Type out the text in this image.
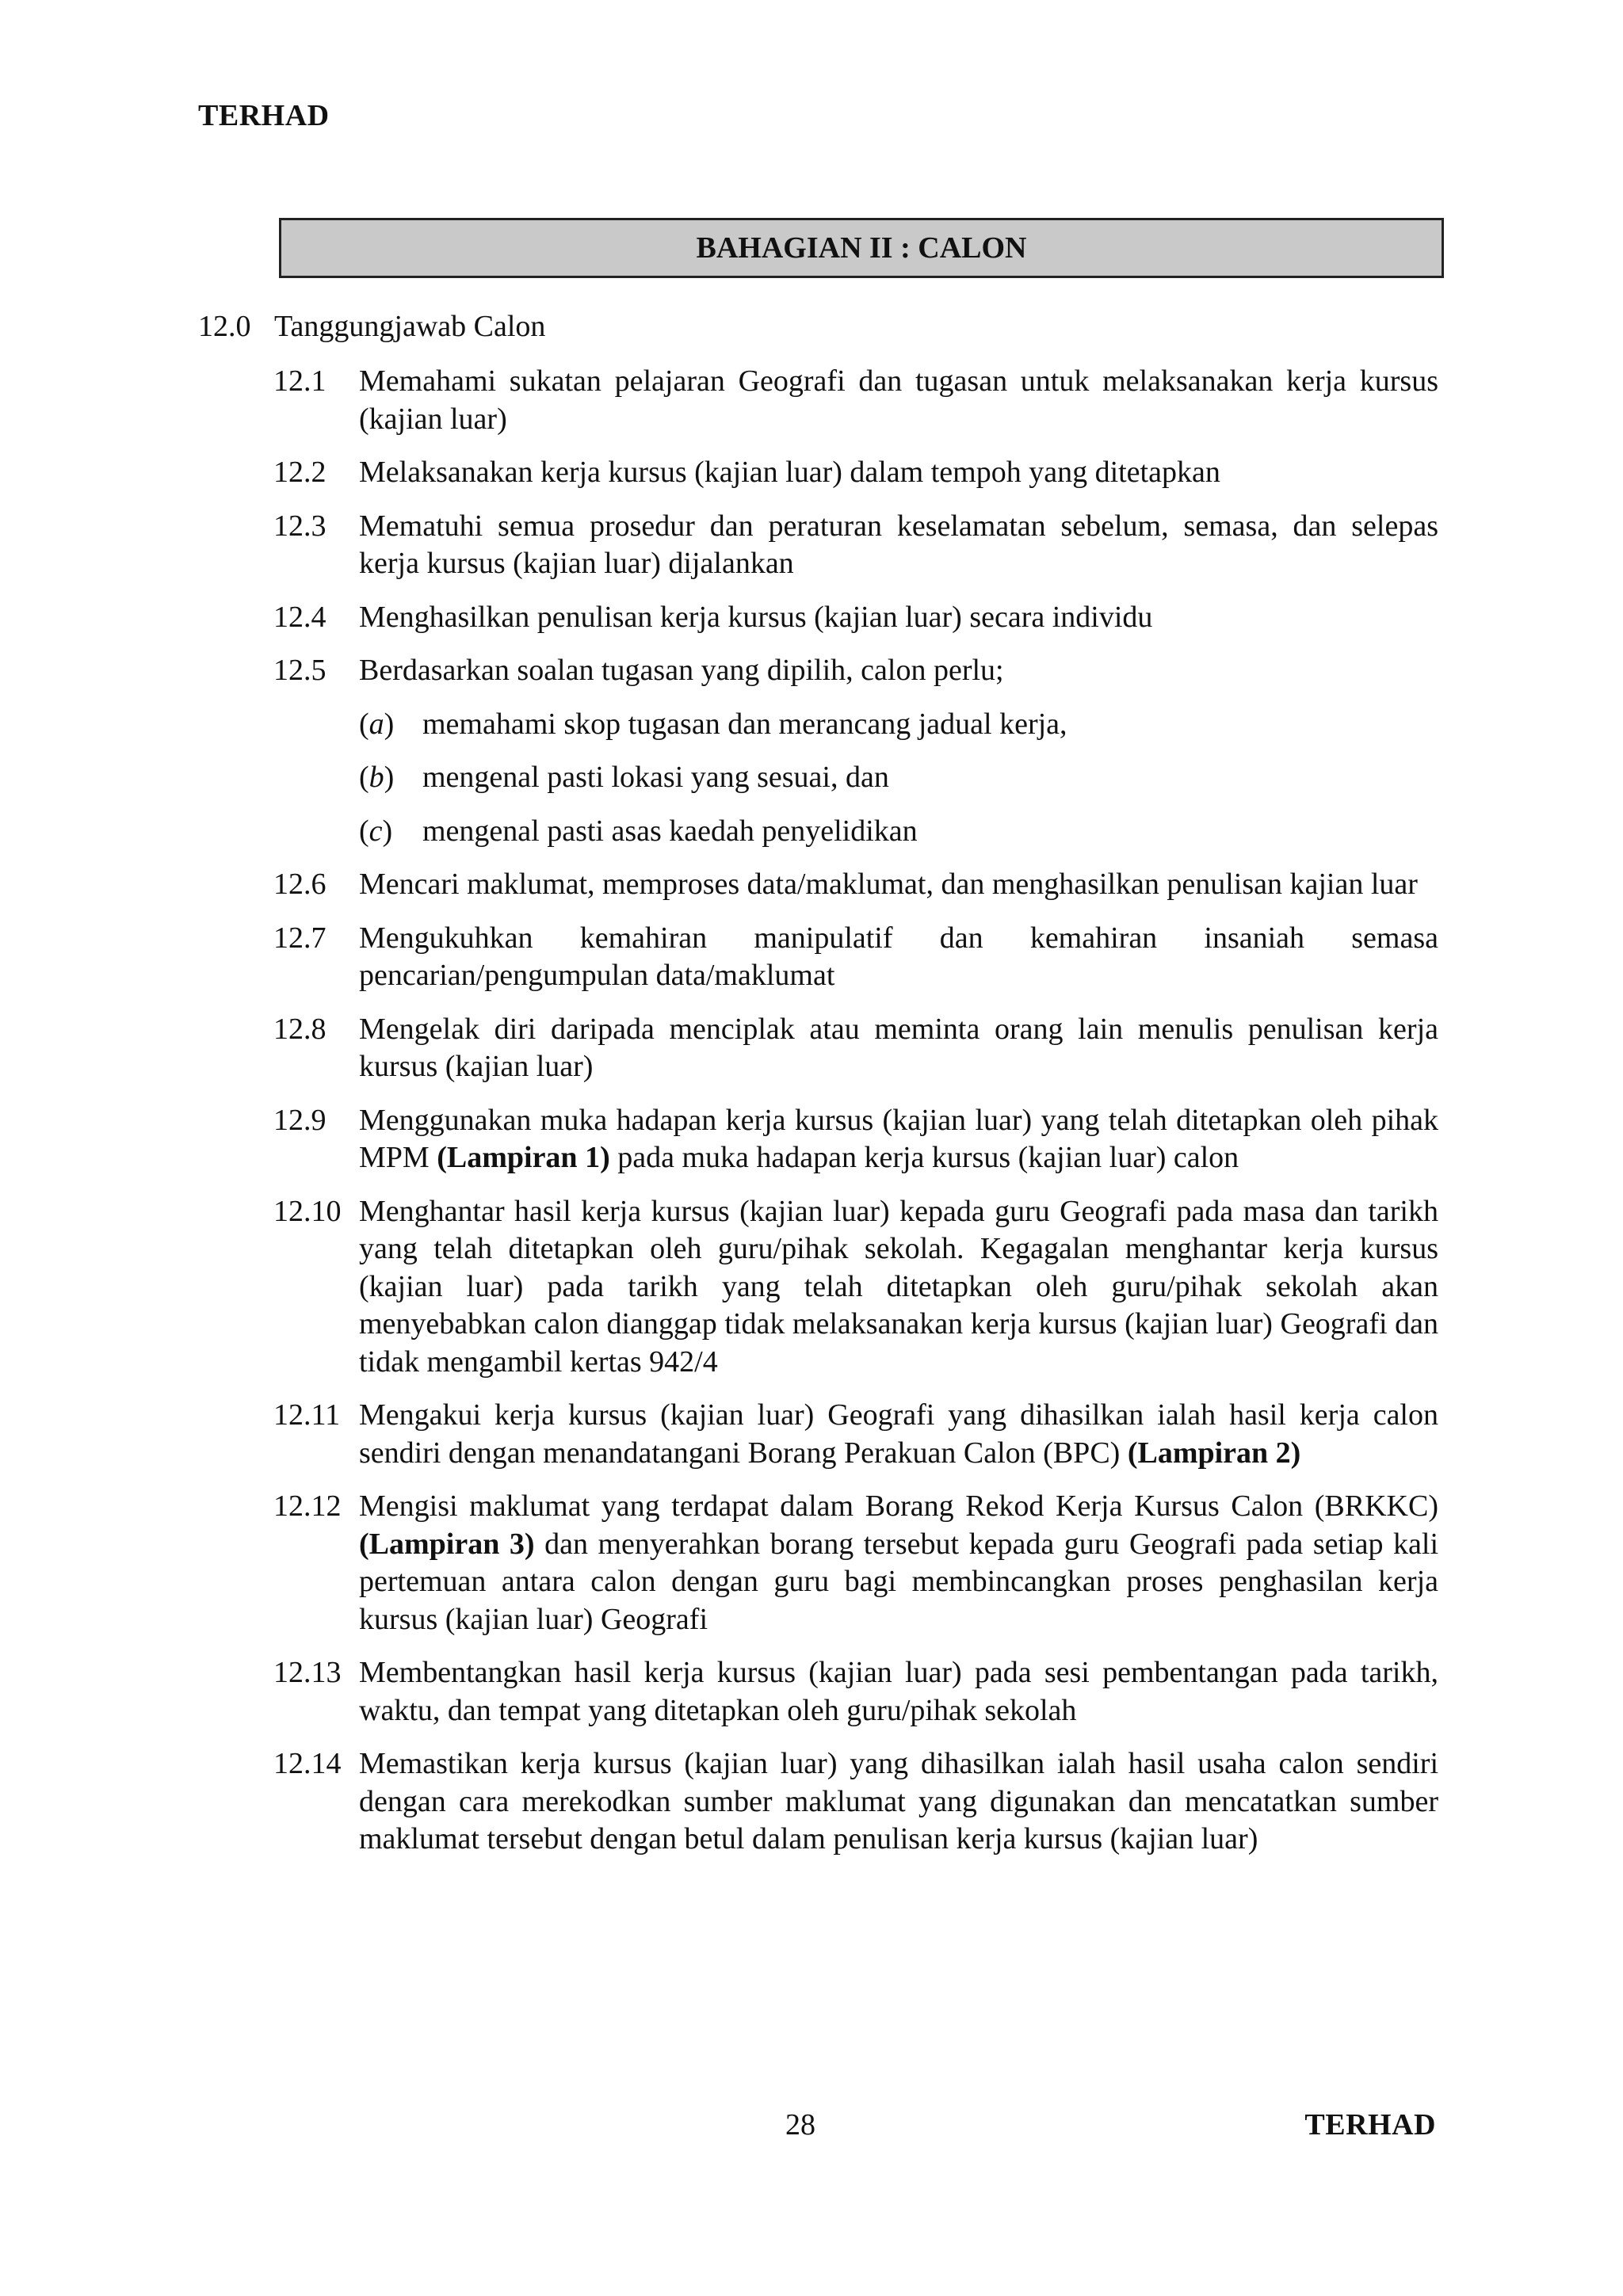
TERHAD
BAHAGIAN II : CALON
12.0 Tanggungjawab Calon
12.1	Memahami sukatan pelajaran Geografi dan tugasan untuk melaksanakan kerja kursus (kajian luar)
12.2	Melaksanakan kerja kursus (kajian luar) dalam tempoh yang ditetapkan
12.3	Mematuhi semua prosedur dan peraturan keselamatan sebelum, semasa, dan selepas kerja kursus (kajian luar) dijalankan
12.4	Menghasilkan penulisan kerja kursus (kajian luar) secara individu
12.5	Berdasarkan soalan tugasan yang dipilih, calon perlu;
(a) memahami skop tugasan dan merancang jadual kerja,
(b) mengenal pasti lokasi yang sesuai, dan
(c) mengenal pasti asas kaedah penyelidikan
12.6	Mencari maklumat, memproses data/maklumat, dan menghasilkan penulisan kajian luar
12.7	Mengukuhkan kemahiran manipulatif dan kemahiran insaniah semasa pencarian/pengumpulan data/maklumat
12.8	Mengelak diri daripada menciplak atau meminta orang lain menulis penulisan kerja kursus (kajian luar)
12.9	Menggunakan muka hadapan kerja kursus (kajian luar) yang telah ditetapkan oleh pihak MPM (Lampiran 1) pada muka hadapan kerja kursus (kajian luar) calon
12.10 Menghantar hasil kerja kursus (kajian luar) kepada guru Geografi pada masa dan tarikh yang telah ditetapkan oleh guru/pihak sekolah. Kegagalan menghantar kerja kursus (kajian luar) pada tarikh yang telah ditetapkan oleh guru/pihak sekolah akan menyebabkan calon dianggap tidak melaksanakan kerja kursus (kajian luar) Geografi dan tidak mengambil kertas 942/4
12.11 Mengakui kerja kursus (kajian luar) Geografi yang dihasilkan ialah hasil kerja calon sendiri dengan menandatangani Borang Perakuan Calon (BPC) (Lampiran 2)
12.12 Mengisi maklumat yang terdapat dalam Borang Rekod Kerja Kursus Calon (BRKKC) (Lampiran 3) dan menyerahkan borang tersebut kepada guru Geografi pada setiap kali pertemuan antara calon dengan guru bagi membincangkan proses penghasilan kerja kursus (kajian luar) Geografi
12.13 Membentangkan hasil kerja kursus (kajian luar) pada sesi pembentangan pada tarikh, waktu, dan tempat yang ditetapkan oleh guru/pihak sekolah
12.14 Memastikan kerja kursus (kajian luar) yang dihasilkan ialah hasil usaha calon sendiri dengan cara merekodkan sumber maklumat yang digunakan dan mencatatkan sumber maklumat tersebut dengan betul dalam penulisan kerja kursus (kajian luar)
28	TERHAD
